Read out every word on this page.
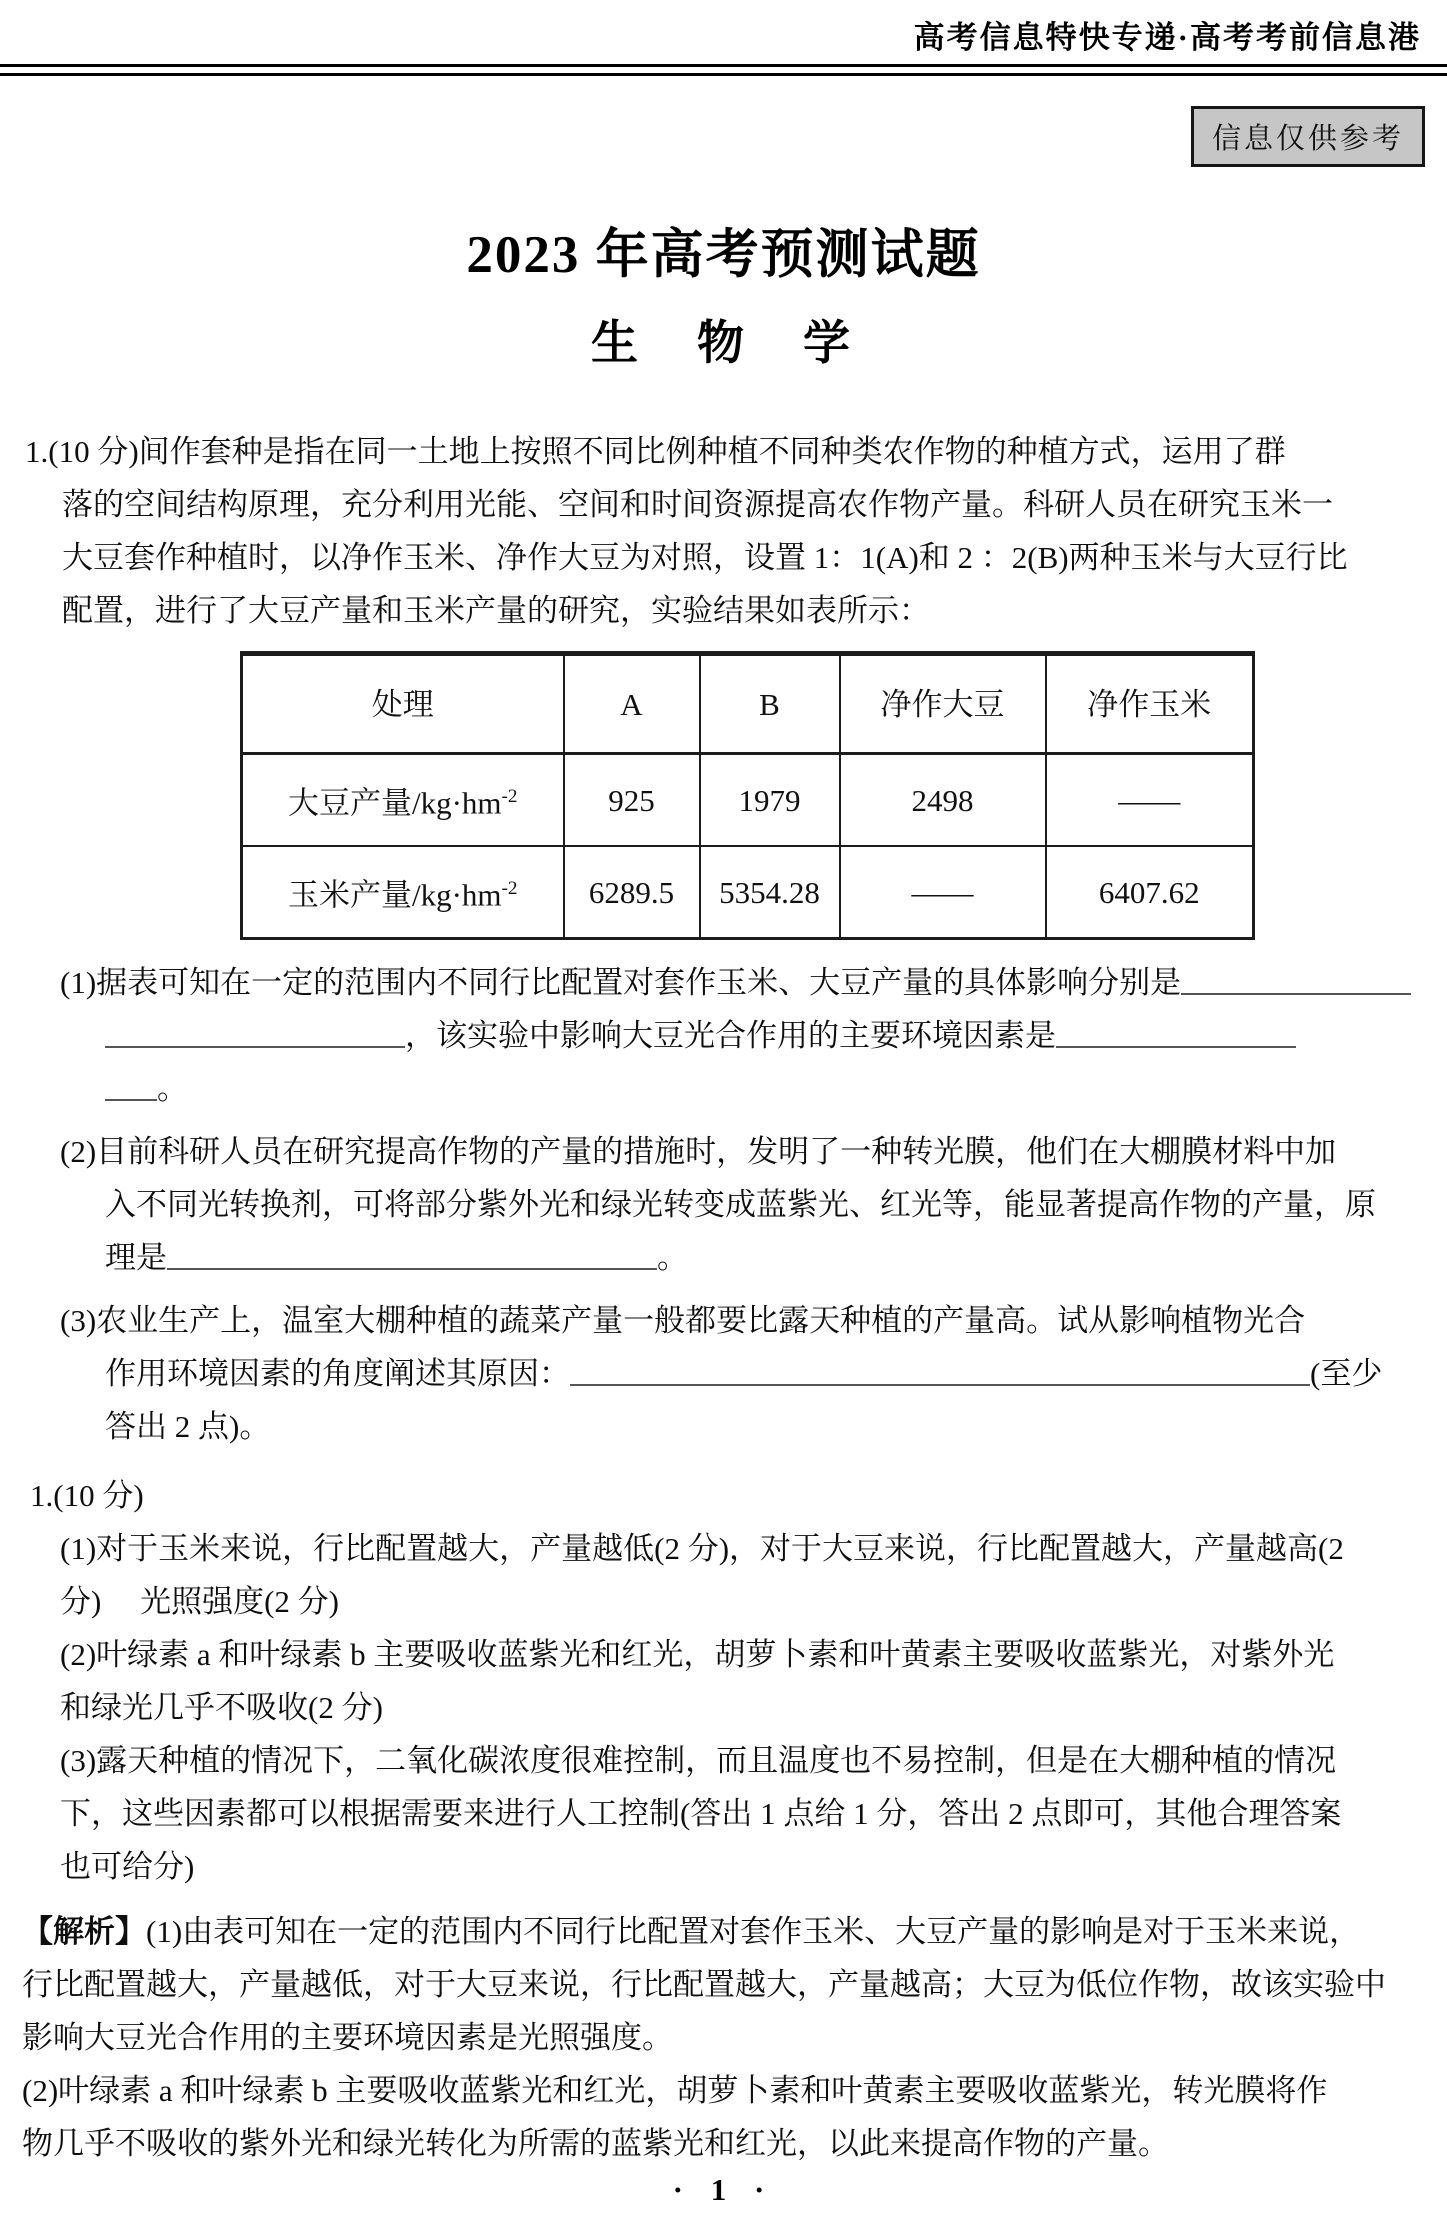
高考信息特快专递·高考考前信息港
信息仅供参考
2023 年高考预测试题
生　物　学
1.(10 分)间作套种是指在同一土地上按照不同比例种植不同种类农作物的种植方式，运用了群
落的空间结构原理，充分利用光能、空间和时间资源提高农作物产量。科研人员在研究玉米一
大豆套作种植时，以净作玉米、净作大豆为对照，设置 1：1(A)和 2 ：2(B)两种玉米与大豆行比
配置，进行了大豆产量和玉米产量的研究，实验结果如表所示：
处理	A	B	净作大豆	净作玉米
大豆产量$/kg\cdot hm^{-2}$	925	1979	2498	——
玉米产量$/kg\cdot hm^{-2}$	6289.5	5354.28	——	6407.62
(1)据表可知在一定的范围内不同行比配置对套作玉米、大豆产量的具体影响分别是
，该实验中影响大豆光合作用的主要环境因素是
。
(2)目前科研人员在研究提高作物的产量的措施时，发明了一种转光膜，他们在大棚膜材料中加
入不同光转换剂，可将部分紫外光和绿光转变成蓝紫光、红光等，能显著提高作物的产量，原
理是	。
(3)农业生产上，温室大棚种植的蔬菜产量一般都要比露天种植的产量高。试从影响植物光合
作用环境因素的角度阐述其原因：	(至少
答出 2 点)。
1.(10 分)
(1)对于玉米来说，行比配置越大，产量越低(2 分)，对于大豆来说，行比配置越大，产量越高(2
分)　 光照强度(2 分)
(2)叶绿素 a 和叶绿素 b 主要吸收蓝紫光和红光，胡萝卜素和叶黄素主要吸收蓝紫光，对紫外光
和绿光几乎不吸收(2 分)
(3)露天种植的情况下，二氧化碳浓度很难控制，而且温度也不易控制，但是在大棚种植的情况
下，这些因素都可以根据需要来进行人工控制(答出 1 点给 1 分，答出 2 点即可，其他合理答案
也可给分)
【解析】(1)由表可知在一定的范围内不同行比配置对套作玉米、大豆产量的影响是对于玉米来说，
行比配置越大，产量越低，对于大豆来说，行比配置越大，产量越高；大豆为低位作物，故该实验中
影响大豆光合作用的主要环境因素是光照强度。
(2)叶绿素 a 和叶绿素 b 主要吸收蓝紫光和红光，胡萝卜素和叶黄素主要吸收蓝紫光，转光膜将作
物几乎不吸收的紫外光和绿光转化为所需的蓝紫光和红光，以此来提高作物的产量。
· 1 ·
